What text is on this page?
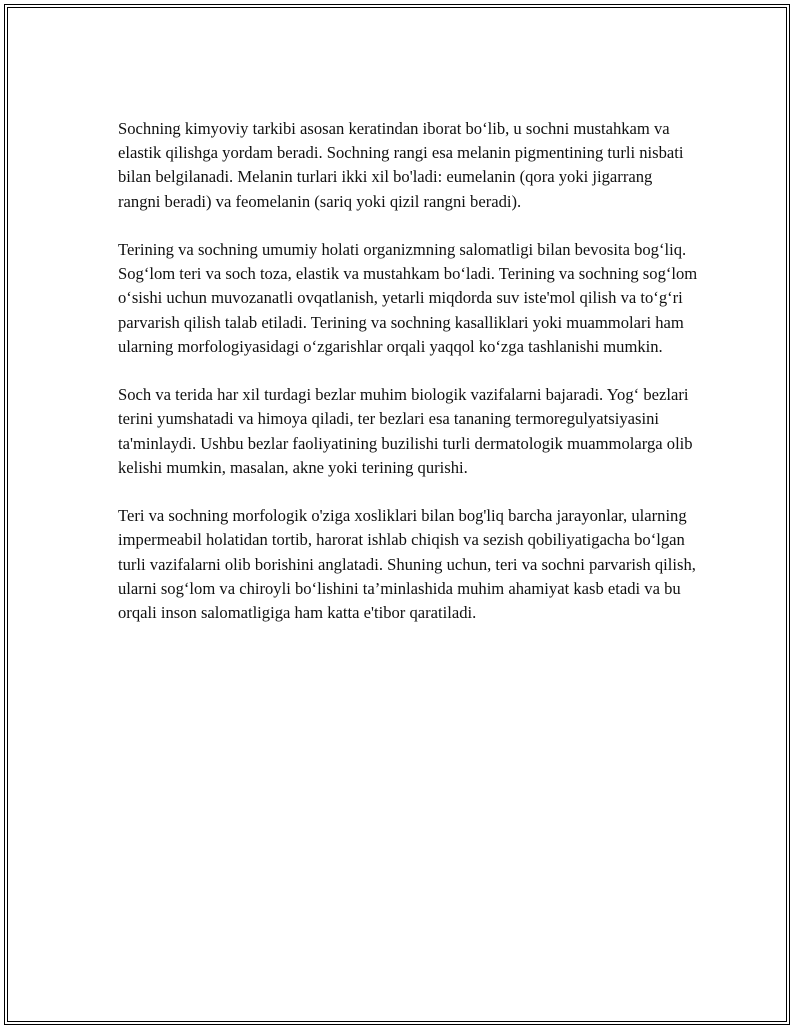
Sochning kimyoviy tarkibi asosan keratindan iborat bo‘lib, u sochni mustahkam va elastik qilishga yordam beradi. Sochning rangi esa melanin pigmentining turli nisbati bilan belgilanadi. Melanin turlari ikki xil bo'ladi: eumelanin (qora yoki jigarrang rangni beradi) va feomelanin (sariq yoki qizil rangni beradi).

Terining va sochning umumiy holati organizmning salomatligi bilan bevosita bog‘liq. Sog‘lom teri va soch toza, elastik va mustahkam bo‘ladi. Terining va sochning sog‘lom o‘sishi uchun muvozanatli ovqatlanish, yetarli miqdorda suv iste'mol qilish va to‘g‘ri parvarish qilish talab etiladi. Terining va sochning kasalliklari yoki muammolari ham ularning morfologiyasidagi o‘zgarishlar orqali yaqqol ko‘zga tashlanishi mumkin.

Soch va terida har xil turdagi bezlar muhim biologik vazifalarni bajaradi. Yog‘ bezlari terini yumshatadi va himoya qiladi, ter bezlari esa tananing termoregulyatsiyasini ta'minlaydi. Ushbu bezlar faoliyatining buzilishi turli dermatologik muammolarga olib kelishi mumkin, masalan, akne yoki terining qurishi.

Teri va sochning morfologik o'ziga xosliklari bilan bog'liq barcha jarayonlar, ularning impermeabil holatidan tortib, harorat ishlab chiqish va sezish qobiliyatigacha bo‘lgan turli vazifalarni olib borishini anglatadi. Shuning uchun, teri va sochni parvarish qilish, ularni sog‘lom va chiroyli bo‘lishini ta’minlashida muhim ahamiyat kasb etadi va bu orqali inson salomatligiga ham katta e'tibor qaratiladi.
